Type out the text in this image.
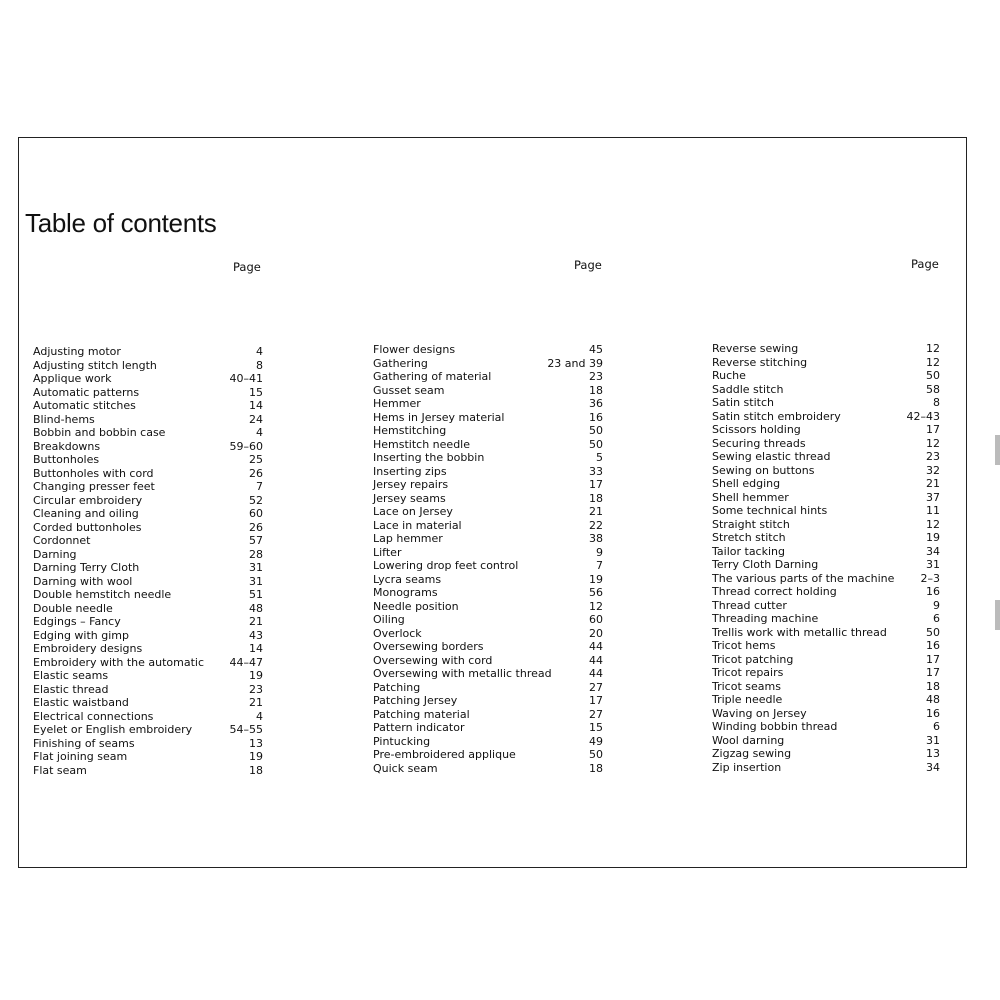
Table of contents
Page	Page	Page
Adjusting motor	4
Adjusting stitch length	8
Applique work	40–41
Automatic patterns	15
Automatic stitches	14
Blind-hems	24
Bobbin and bobbin case	4
Breakdowns	59–60
Buttonholes	25
Buttonholes with cord	26
Changing presser feet	7
Circular embroidery	52
Cleaning and oiling	60
Corded buttonholes	26
Cordonnet	57
Darning	28
Darning Terry Cloth	31
Darning with wool	31
Double hemstitch needle	51
Double needle	48
Edgings – Fancy	21
Edging with gimp	43
Embroidery designs	14
Embroidery with the automatic 44–47
Elastic seams	19
Elastic thread	23
Elastic waistband	21
Electrical connections	4
Eyelet or English embroidery	54–55
Finishing of seams	13
Flat joining seam	19
Flat seam	18
Flower designs	45
Gathering	23 and 39
Gathering of material	23
Gusset seam	18
Hemmer	36
Hems in Jersey material	16
Hemstitching	50
Hemstitch needle	50
Inserting the bobbin	5
Inserting zips	33
Jersey repairs	17
Jersey seams	18
Lace on Jersey	21
Lace in material	22
Lap hemmer	38
Lifter	9
Lowering drop feet control	7
Lycra seams	19
Monograms	56
Needle position	12
Oiling	60
Overlock	20
Oversewing borders	44
Oversewing with cord	44
Oversewing with metallic thread	44
Patching	27
Patching Jersey	17
Patching material	27
Pattern indicator	15
Pintucking	49
Pre-embroidered applique	50
Quick seam	18
Reverse sewing	12
Reverse stitching	12
Ruche	50
Saddle stitch	58
Satin stitch	8
Satin stitch embroidery	42–43
Scissors holding	17
Securing threads	12
Sewing elastic thread	23
Sewing on buttons	32
Shell edging	21
Shell hemmer	37
Some technical hints	11
Straight stitch	12
Stretch stitch	19
Tailor tacking	34
Terry Cloth Darning	31
The various parts of the machine 2–3
Thread correct holding	16
Thread cutter	9
Threading machine	6
Trellis work with metallic thread	50
Tricot hems	16
Tricot patching	17
Tricot repairs	17
Tricot seams	18
Triple needle	48
Waving on Jersey	16
Winding bobbin thread	6
Wool darning	31
Zigzag sewing	13
Zip insertion	34
